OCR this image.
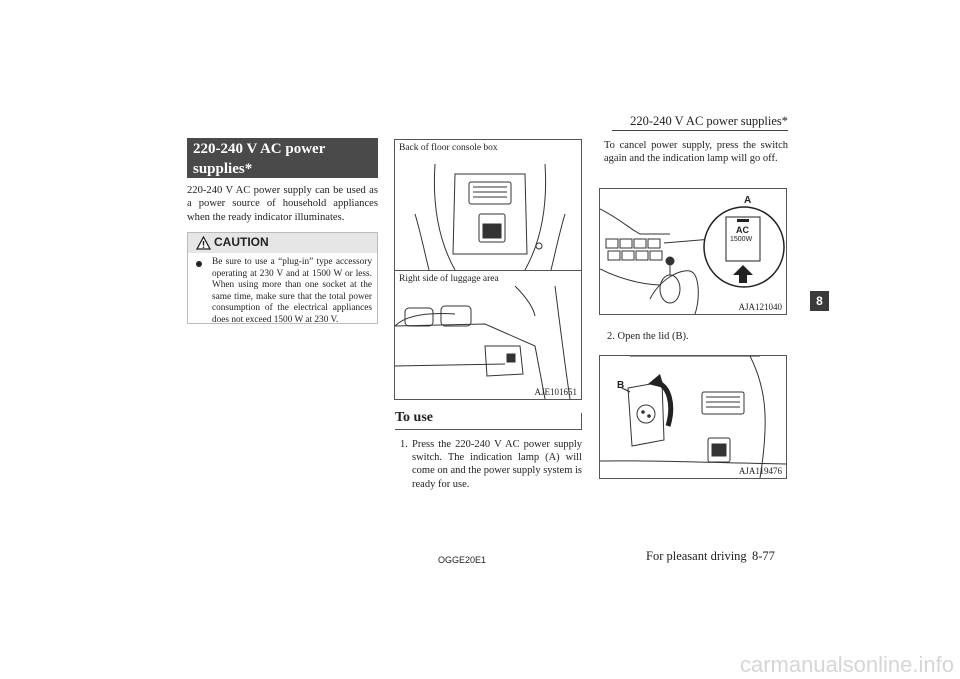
220-240 V AC power supplies*
220-240 V AC power
supplies*
220-240 V AC power supply can be used as a power source of household appliances when the ready indicator illuminates.
CAUTION
Be sure to use a “plug-in” type accessory operating at 230 V and at 1500 W or less. When using more than one socket at the same time, make sure that the total power consumption of the electrical appliances does not exceed 1500 W at 230 V.
Back of floor console box
Right side of luggage area
AJE101651
To use
1. Press the 220-240 V AC power supply switch. The indication lamp (A) will come on and the power supply system is ready for use.
To cancel power supply, press the switch again and the indication lamp will go off.
A
AC
1500W
AJA121040
2. Open the lid (B).
B
AJA119476
8
OGGE20E1	For pleasant driving 8-77
carmanualsonline.info
